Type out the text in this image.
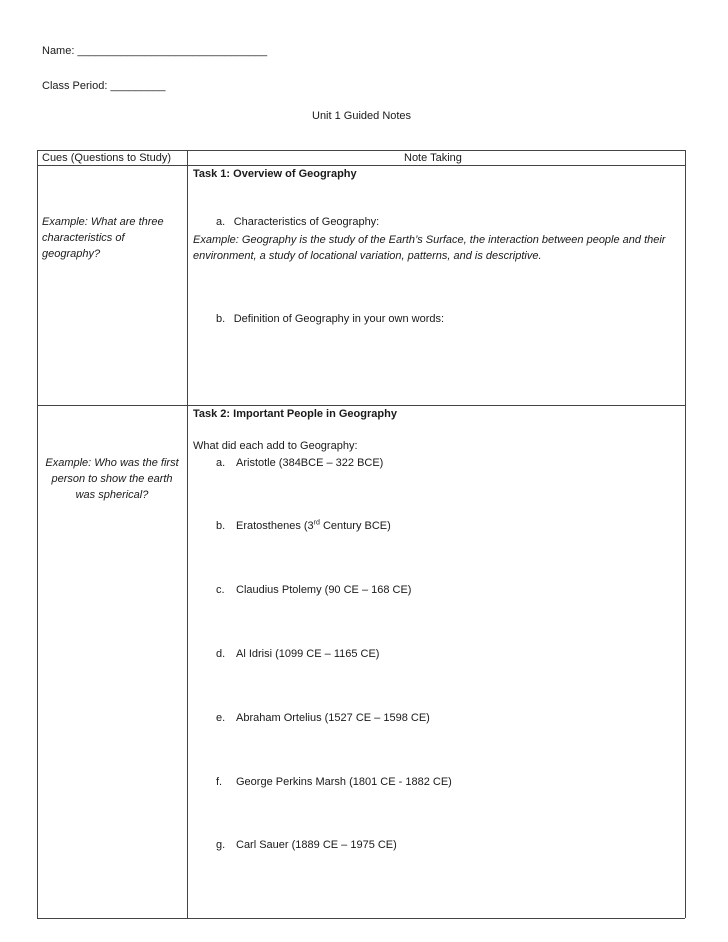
Name: _______________________________
Class Period: _________
Unit 1 Guided Notes
Cues (Questions to Study)	Note Taking
Task 1: Overview of Geography
Example: What are three characteristics of geography?
a.  Characteristics of Geography:
Example: Geography is the study of the Earth’s Surface, the interaction between people and their environment, a study of locational variation, patterns, and is descriptive.
b.  Definition of Geography in your own words:
Task 2: Important People in Geography
Example: Who was the first person to show the earth was spherical?
What did each add to Geography:
a. Aristotle (384BCE – 322 BCE)
b. Eratosthenes (3rd Century BCE)
c. Claudius Ptolemy (90 CE – 168 CE)
d. Al Idrisi (1099 CE – 1165 CE)
e. Abraham Ortelius (1527 CE – 1598 CE)
f. George Perkins Marsh (1801 CE - 1882 CE)
g. Carl Sauer (1889 CE – 1975 CE)
